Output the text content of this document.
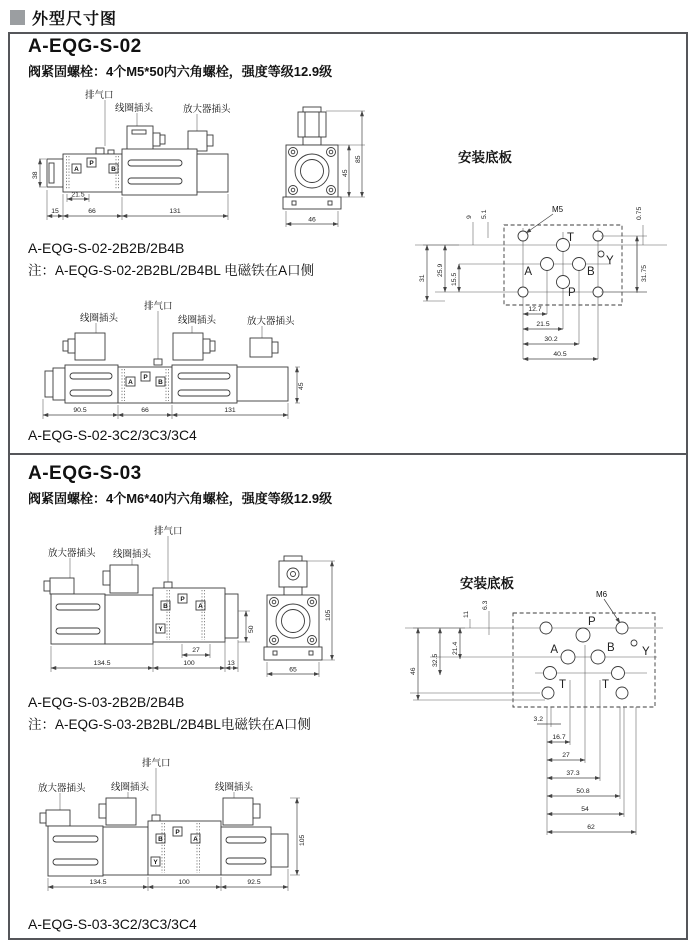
外型尺寸图
A-EQG-S-02
阀紧固螺栓：4个M5*50内六角螺栓，强度等级12.9级
排气口
线圈插头	放大器插头
A
P
B
15	66	131
21.5
38
46
45
85	安装底板
T
A	B
P
Y
M5
31
25.9
15.5
9 5.1	0.75
31.75
12.7
21.5
30.2
40.5
A-EQG-S-02-2B2B/2B4B
注：A-EQG-S-02-2B2BL/2B4BL 电磁铁在A口侧
线圈插头
排气口
线圈插头	放大器插头
A
P
B
90.5	66	131
45
A-EQG-S-02-3C2/3C3/3C4
A-EQG-S-03
阀紧固螺栓：4个M6*40内六角螺栓，强度等级12.9级
放大器插头 线圈插头
排气口
B
P
A
Y
27
50
134.5	100	13
65
105
安装底板
M6
P
A	B Y
T	T
46
32.5
21.4
11
6.3
3.2
16.7
27
37.3
50.8
54
62
A-EQG-S-03-2B2B/2B4B
注：A-EQG-S-03-2B2BL/2B4BL电磁铁在A口侧
放大器插头	线圈插头
排气口
线圈插头
B
P
A
Y
134.5	100	92.5
105
A-EQG-S-03-3C2/3C3/3C4
